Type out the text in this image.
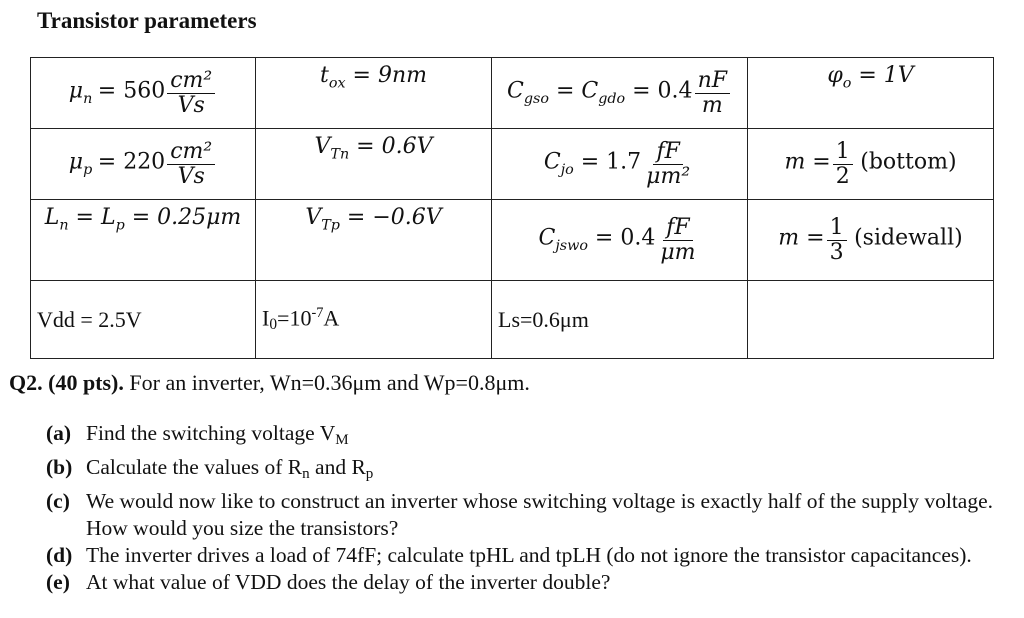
Transistor parameters
$\mu_n = 560 \frac{\text{cm²}}{Vs}$	$t_{ox} = 9nm$	$C_{gso} = C_{gdo} = 0.4 \frac{nF}{m}$	$\varphi_o = 1V$
$\mu_p = 220 \frac{\text{cm²}}{Vs}$	$V_{Tn} = 0.6V$	$C_{jo} = 1.7 \frac{fF}{\text{μm²}}$	$m = \frac{1}{2}$ (bottom)
$L_n = L_p = 0.25\mu m$	$V_{Tp} = -0.6V$	$C_{jswo} = 0.4 \frac{fF}{\mu m}$	$m = \frac{1}{3}$ (sidewall)
Vdd = 2.5V	$I0=10^{-7}A$	Ls=0.6μm	

Q2. (40 pts). For an inverter, Wn=0.36μm and Wp=0.8μm.

(a) Find the switching voltage VM
(b) Calculate the values of Rn and Rp
(c) We would now like to construct an inverter whose switching voltage is exactly half of the supply voltage. How would you size the transistors?
(d) The inverter drives a load of 74fF; calculate tpHL and tpLH (do not ignore the transistor capacitances).
(e) At what value of VDD does the delay of the inverter double?
